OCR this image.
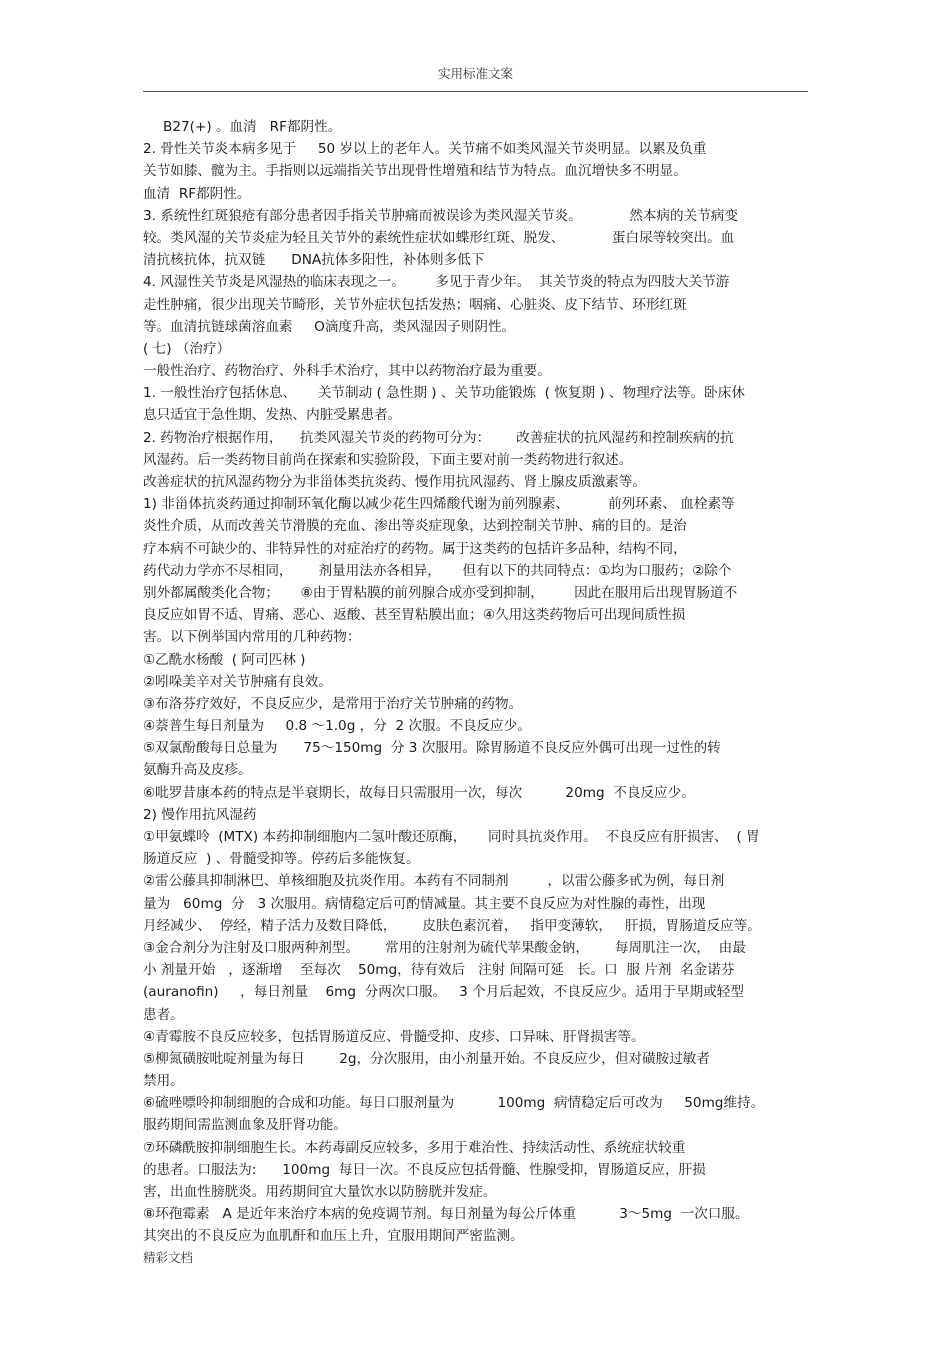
实用标准文案
B27(+) 。血清   RF都阴性。
2. 骨性关节炎本病多见于     50 岁以上的老年人。关节痛不如类风湿关节炎明显。以累及负重
关节如膝、髋为主。手指则以远端指关节出现骨性增殖和结节为特点。血沉增快多不明显。
血清  RF都阴性。
3. 系统性红斑狼疮有部分患者因手指关节肿痛而被误诊为类风湿关节炎。           然本病的关节病变
较。类风湿的关节炎症为轻且关节外的素统性症状如蝶形红斑、脱发、           蛋白尿等较突出。血
清抗核抗体，抗双链      DNA抗体多阳性，补体则多低下
4. 风湿性关节炎是风湿热的临床表现之一。       多见于青少年。  其关节炎的特点为四肢大关节游
走性肿痛，很少出现关节畸形，关节外症状包括发热；咽痛、心脏炎、皮下结节、环形红斑
等。血清抗链球菌溶血素     O滴度升高，类风湿因子则阴性。
( 七) （治疗）
一般性治疗、药物治疗、外科手术治疗，其中以药物治疗最为重要。
1. 一般性治疗包括休息、     关节制动 ( 急性期 ) 、关节功能锻炼  ( 恢复期 ) 、物理疗法等。卧床休
息只适宜于急性期、发热、内脏受累患者。
2. 药物治疗根据作用，    抗类风湿关节炎的药物可分为：      改善症状的抗风湿药和控制疾病的抗
风湿药。后一类药物目前尚在探索和实验阶段，下面主要对前一类药物进行叙述。
改善症状的抗风湿药物分为非甾体类抗炎药、慢作用抗风湿药、肾上腺皮质激素等。
1) 非甾体抗炎药通过抑制环氧化酶以减少花生四烯酸代谢为前列腺素、         前列环素、 血栓素等
炎性介质，从而改善关节滑膜的充血、渗出等炎症现象，达到控制关节肿、痛的目的。是治
疗本病不可缺少的、非特异性的对症治疗的药物。属于这类药的包括许多品种，结构不同，
药代动力学亦不尽相同，      剂量用法亦各相异，     但有以下的共同特点：①均为口服药；②除个
别外都属酸类化合物；     ⑧由于胃粘膜的前列腺合成亦受到抑制，       因此在服用后出现胃肠道不
良反应如胃不适、胃痛、恶心、返酸、甚至胃粘膜出血；④久用这类药物后可出现间质性损
害。以下例举国内常用的几种药物：
①乙酰水杨酸  ( 阿司匹林 )
②吲哚美辛对关节肿痛有良效。
③布洛芬疗效好，不良反应少，是常用于治疗关节肿痛的药物。
④萘普生每日剂量为     0.8 ～1.0g ，分  2 次服。不良反应少。
⑤双氯酚酸每日总量为      75～150mg  分 3 次服用。除胃肠道不良反应外偶可出现一过性的转
氨酶升高及皮疹。
⑥吡罗昔康本药的特点是半衰期长，故每日只需服用一次，每次          20mg  不良反应少。
2) 慢作用抗风湿药
①甲氨蝶呤  (MTX) 本药抑制细胞内二氢叶酸还原酶，     同时具抗炎作用。  不良反应有肝损害、  ( 胃
肠道反应  ) 、骨髓受抑等。停药后多能恢复。
②雷公藤具抑制淋巴、单核细胞及抗炎作用。本药有不同制剂         ，以雷公藤多甙为例，每日剂
量为   60mg  分   3 次服用。病情稳定后可酌情减量。其主要不良反应为对性腺的毒性，出现
月经减少、  停经，精子活力及数目降低，      皮肤色素沉着，   指甲变薄软，   肝损，胃肠道反应等。
③金合剂分为注射及口服两种剂型。      常用的注射剂为硫代苹果酸金钠，      每周肌注一次，  由最
小 剂量开始   ，逐渐增    至每次    50mg，待有效后   注射 间隔可延   长。口  服 片剂  名金诺芬
(auranofin)     ，每日剂量    6mg  分两次口服。   3 个月后起效，不良反应少。适用于早期或轻型
患者。
④青霉胺不良反应较多，包括胃肠道反应、骨髓受抑、皮疹、口异味、肝肾损害等。
⑤柳氮磺胺吡啶剂量为每日        2g，分次服用，由小剂量开始。不良反应少，但对磺胺过敏者
禁用。
⑥硫唑嘌呤抑制细胞的合成和功能。每日口服剂量为          100mg  病情稳定后可改为     50mg维持。
服药期间需监测血象及肝肾功能。
⑦环磷酰胺抑制细胞生长。本药毒副反应较多，多用于难治性、持续活动性、系统症状较重
的患者。口服法为:      100mg  每日一次。不良反应包括骨髓、性腺受抑，胃肠道反应，肝损
害，出血性膀胱炎。用药期间宜大量饮水以防膀胱并发症。
⑧环孢霉素   A 是近年来治疗本病的免疫调节剂。每日剂量为每公斤体重          3～5mg  一次口服。
其突出的不良反应为血肌酐和血压上升，宜服用期间严密监测。
精彩文档
